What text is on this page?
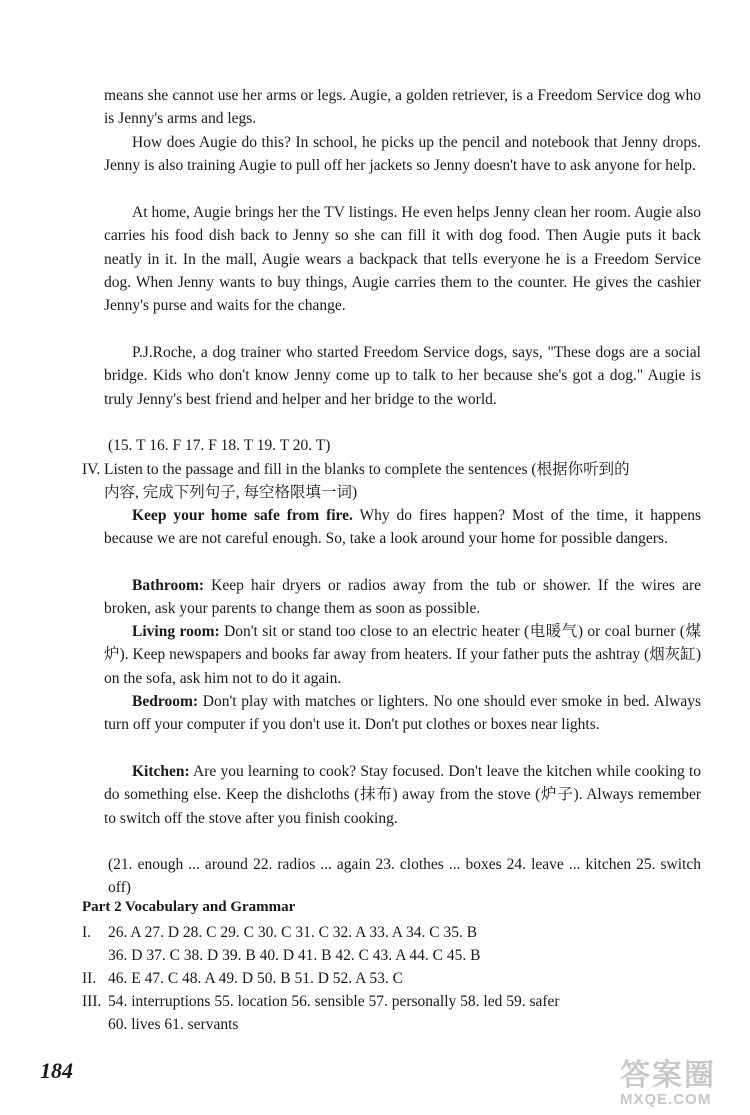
means she cannot use her arms or legs. Augie, a golden retriever, is a Freedom Service dog who is Jenny's arms and legs.

How does Augie do this? In school, he picks up the pencil and notebook that Jenny drops. Jenny is also training Augie to pull off her jackets so Jenny doesn't have to ask anyone for help.

At home, Augie brings her the TV listings. He even helps Jenny clean her room. Augie also carries his food dish back to Jenny so she can fill it with dog food. Then Augie puts it back neatly in it. In the mall, Augie wears a backpack that tells everyone he is a Freedom Service dog. When Jenny wants to buy things, Augie carries them to the counter. He gives the cashier Jenny's purse and waits for the change.

P.J.Roche, a dog trainer who started Freedom Service dogs, says, "These dogs are a social bridge. Kids who don't know Jenny come up to talk to her because she's got a dog." Augie is truly Jenny's best friend and helper and her bridge to the world.

(15. T 16. F 17. F 18. T 19. T 20. T)

IV. Listen to the passage and fill in the blanks to complete the sentences (根据你听到的

内容, 完成下列句子, 每空格限填一词)

Keep your home safe from fire. Why do fires happen? Most of the time, it happens because we are not careful enough. So, take a look around your home for possible dangers.

Bathroom: Keep hair dryers or radios away from the tub or shower. If the wires are broken, ask your parents to change them as soon as possible.

Living room: Don't sit or stand too close to an electric heater (电暖气) or coal burner (煤炉). Keep newspapers and books far away from heaters. If your father puts the ashtray (烟灰缸) on the sofa, ask him not to do it again.

Bedroom: Don't play with matches or lighters. No one should ever smoke in bed. Always turn off your computer if you don't use it. Don't put clothes or boxes near lights.

Kitchen: Are you learning to cook? Stay focused. Don't leave the kitchen while cooking to do something else. Keep the dishcloths (抹布) away from the stove (炉子). Always remember to switch off the stove after you finish cooking.

(21. enough ... around 22. radios ... again 23. clothes ... boxes 24. leave ... kitchen 25. switch off)

Part 2 Vocabulary and Grammar

I. 26. A 27. D 28. C 29. C 30. C 31. C 32. A 33. A 34. C 35. B

36. D 37. C 38. D 39. B 40. D 41. B 42. C 43. A 44. C 45. B

II. 46. E 47. C 48. A 49. D 50. B 51. D 52. A 53. C

III. 54. interruptions 55. location 56. sensible 57. personally 58. led 59. safer

60. lives 61. servants

184	答案圈
MXQE.COM
